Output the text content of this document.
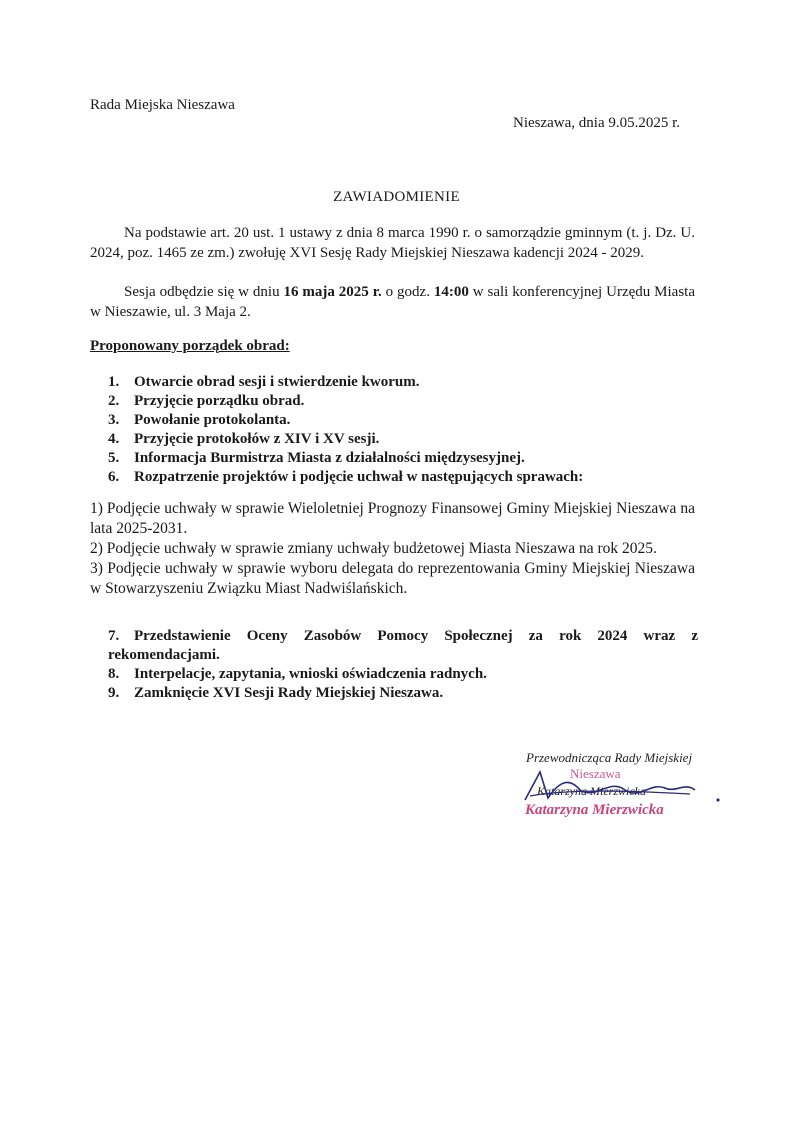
Rada Miejska Nieszawa
Nieszawa, dnia 9.05.2025 r.
ZAWIADOMIENIE
Na podstawie art. 20 ust. 1 ustawy z dnia 8 marca 1990 r. o samorządzie gminnym (t. j. Dz. U. 2024, poz. 1465 ze zm.) zwołuję XVI Sesję Rady Miejskiej Nieszawa kadencji 2024 - 2029.
Sesja odbędzie się w dniu 16 maja 2025 r. o godz. 14:00 w sali konferencyjnej Urzędu Miasta w Nieszawie, ul. 3 Maja 2.
Proponowany porządek obrad:
1. Otwarcie obrad sesji i stwierdzenie kworum.
2. Przyjęcie porządku obrad.
3. Powołanie protokolanta.
4. Przyjęcie protokołów z XIV i XV sesji.
5. Informacja Burmistrza Miasta z działalności międzysesyjnej.
6. Rozpatrzenie projektów i podjęcie uchwał w następujących sprawach:
1) Podjęcie uchwały w sprawie Wieloletniej Prognozy Finansowej Gminy Miejskiej Nieszawa na lata 2025-2031.
2) Podjęcie uchwały w sprawie zmiany uchwały budżetowej Miasta Nieszawa na rok 2025.
3) Podjęcie uchwały w sprawie wyboru delegata do reprezentowania Gminy Miejskiej Nieszawa w Stowarzyszeniu Związku Miast Nadwiślańskich.
7. Przedstawienie Oceny Zasobów Pomocy Społecznej za rok 2024 wraz z rekomendacjami.
8. Interpelacje, zapytania, wnioski oświadczenia radnych.
9. Zamknięcie XVI Sesji Rady Miejskiej Nieszawa.
Przewodnicząca Rady Miejskiej
Nieszawa
Katarzyna Mierzwicka
Katarzyna Mierzwicka
